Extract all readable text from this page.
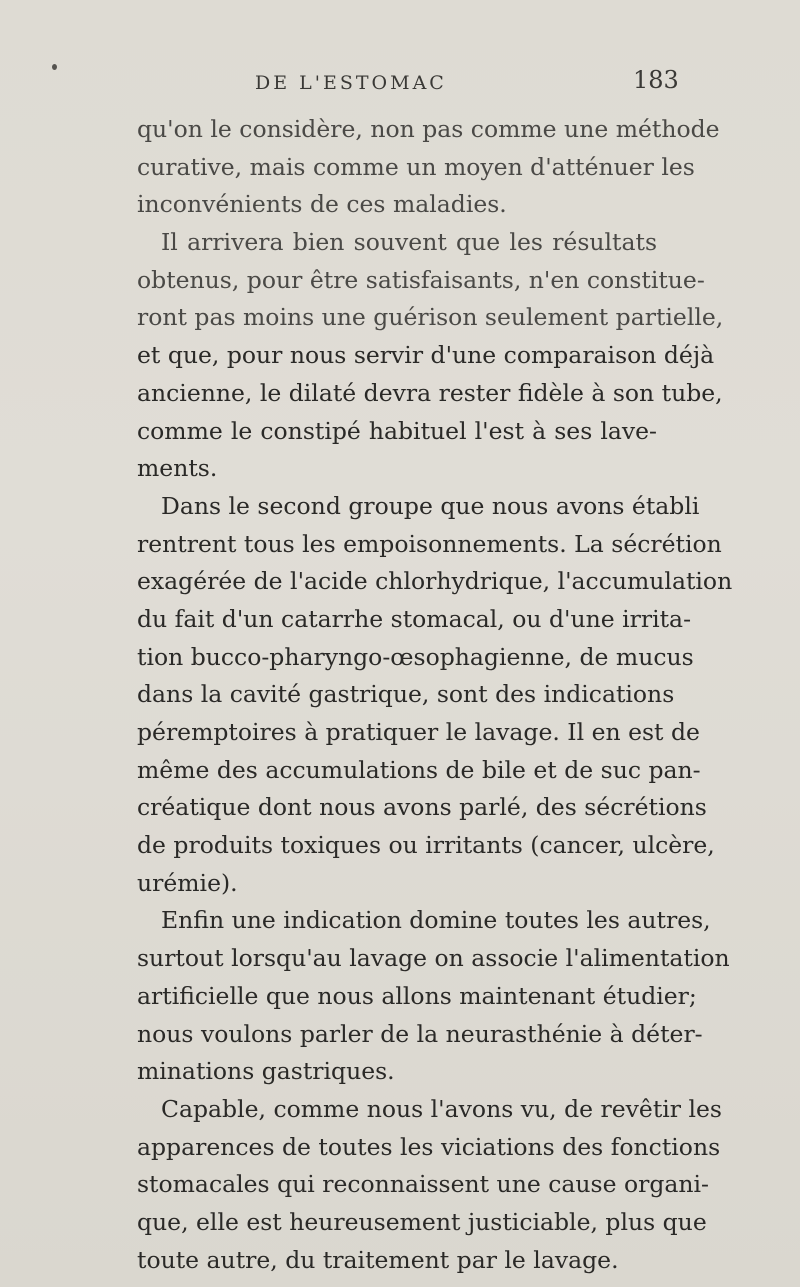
DE L'ESTOMAC	183
qu'on le considère, non pas comme une méthode
curative, mais comme un moyen d'atténuer les
inconvénients de ces maladies.
Il arrivera bien souvent que les résultats
obtenus, pour être satisfaisants, n'en constitue-
ront pas moins une guérison seulement partielle,
et que, pour nous servir d'une comparaison déjà
ancienne, le dilaté devra rester fidèle à son tube,
comme le constipé habituel l'est à ses lave-
ments.
Dans le second groupe que nous avons établi
rentrent tous les empoisonnements. La sécrétion
exagérée de l'acide chlorhydrique, l'accumulation
du fait d'un catarrhe stomacal, ou d'une irrita-
tion bucco-pharyngo-œsophagienne, de mucus
dans la cavité gastrique, sont des indications
péremptoires à pratiquer le lavage. Il en est de
même des accumulations de bile et de suc pan-
créatique dont nous avons parlé, des sécrétions
de produits toxiques ou irritants (cancer, ulcère,
urémie).
Enfin une indication domine toutes les autres,
surtout lorsqu'au lavage on associe l'alimentation
artificielle que nous allons maintenant étudier;
nous voulons parler de la neurasthénie à déter-
minations gastriques.
Capable, comme nous l'avons vu, de revêtir les
apparences de toutes les viciations des fonctions
stomacales qui reconnaissent une cause organi-
que, elle est heureusement justiciable, plus que
toute autre, du traitement par le lavage.
